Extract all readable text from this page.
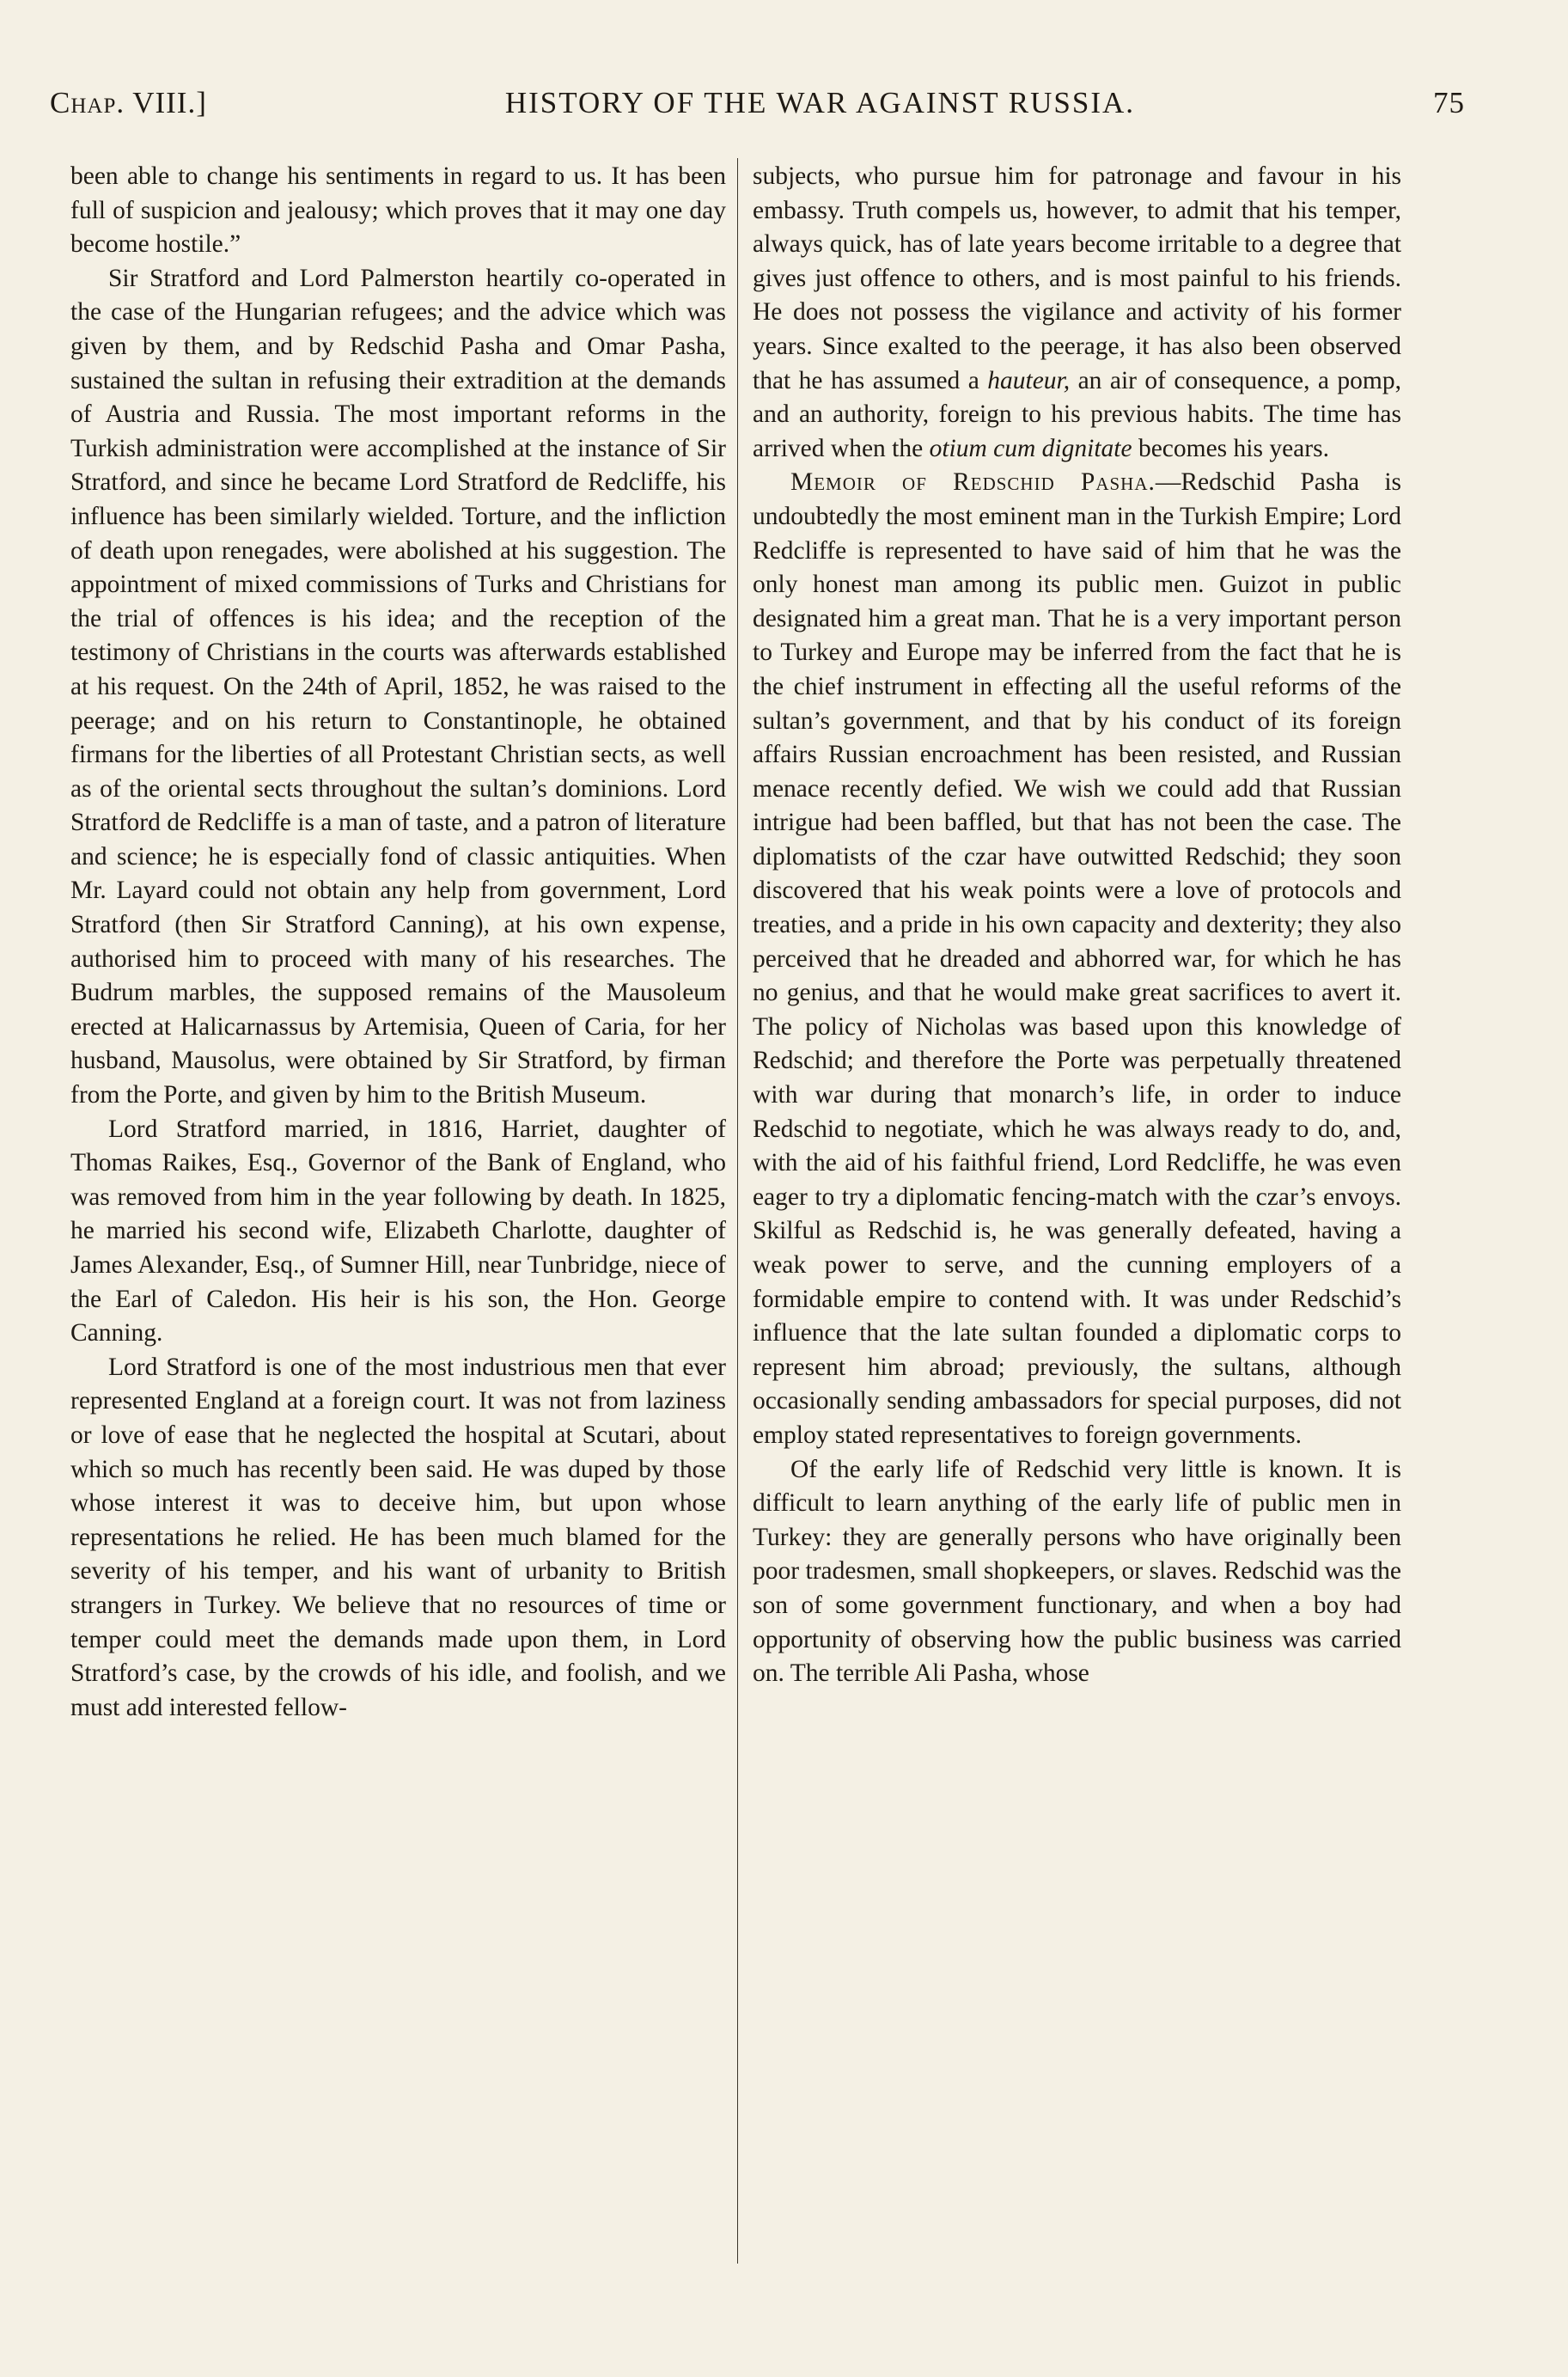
Chap. VIII.]	HISTORY OF THE WAR AGAINST RUSSIA.	75

been able to change his sentiments in regard to us. It has been full of suspicion and jealousy; which proves that it may one day become hostile.”

Sir Stratford and Lord Palmerston heartily co-operated in the case of the Hungarian refugees; and the advice which was given by them, and by Redschid Pasha and Omar Pasha, sustained the sultan in refusing their extradition at the demands of Austria and Russia. The most important reforms in the Turkish administration were accomplished at the instance of Sir Stratford, and since he became Lord Stratford de Redcliffe, his influence has been similarly wielded. Torture, and the infliction of death upon renegades, were abolished at his suggestion. The appointment of mixed commissions of Turks and Christians for the trial of offences is his idea; and the reception of the testimony of Christians in the courts was afterwards established at his request. On the 24th of April, 1852, he was raised to the peerage; and on his return to Constantinople, he obtained firmans for the liberties of all Protestant Christian sects, as well as of the oriental sects throughout the sultan’s dominions. Lord Stratford de Redcliffe is a man of taste, and a patron of literature and science; he is especially fond of classic antiquities. When Mr. Layard could not obtain any help from government, Lord Stratford (then Sir Stratford Canning), at his own expense, authorised him to proceed with many of his researches. The Budrum marbles, the supposed remains of the Mausoleum erected at Halicarnassus by Artemisia, Queen of Caria, for her husband, Mausolus, were obtained by Sir Stratford, by firman from the Porte, and given by him to the British Museum.

Lord Stratford married, in 1816, Harriet, daughter of Thomas Raikes, Esq., Governor of the Bank of England, who was removed from him in the year following by death. In 1825, he married his second wife, Elizabeth Charlotte, daughter of James Alexander, Esq., of Sumner Hill, near Tunbridge, niece of the Earl of Caledon. His heir is his son, the Hon. George Canning.

Lord Stratford is one of the most industrious men that ever represented England at a foreign court. It was not from laziness or love of ease that he neglected the hospital at Scutari, about which so much has recently been said. He was duped by those whose interest it was to deceive him, but upon whose representations he relied. He has been much blamed for the severity of his temper, and his want of urbanity to British strangers in Turkey. We believe that no resources of time or temper could meet the demands made upon them, in Lord Stratford’s case, by the crowds of his idle, and foolish, and we must add interested fellow-

subjects, who pursue him for patronage and favour in his embassy. Truth compels us, however, to admit that his temper, always quick, has of late years become irritable to a degree that gives just offence to others, and is most painful to his friends. He does not possess the vigilance and activity of his former years. Since exalted to the peerage, it has also been observed that he has assumed a hauteur, an air of consequence, a pomp, and an authority, foreign to his previous habits. The time has arrived when the otium cum dignitate becomes his years.

Memoir of Redschid Pasha.—Redschid Pasha is undoubtedly the most eminent man in the Turkish Empire; Lord Redcliffe is represented to have said of him that he was the only honest man among its public men. Guizot in public designated him a great man. That he is a very important person to Turkey and Europe may be inferred from the fact that he is the chief instrument in effecting all the useful reforms of the sultan’s government, and that by his conduct of its foreign affairs Russian encroachment has been resisted, and Russian menace recently defied. We wish we could add that Russian intrigue had been baffled, but that has not been the case. The diplomatists of the czar have outwitted Redschid; they soon discovered that his weak points were a love of protocols and treaties, and a pride in his own capacity and dexterity; they also perceived that he dreaded and abhorred war, for which he has no genius, and that he would make great sacrifices to avert it. The policy of Nicholas was based upon this knowledge of Redschid; and therefore the Porte was perpetually threatened with war during that monarch’s life, in order to induce Redschid to negotiate, which he was always ready to do, and, with the aid of his faithful friend, Lord Redcliffe, he was even eager to try a diplomatic fencing-match with the czar’s envoys. Skilful as Redschid is, he was generally defeated, having a weak power to serve, and the cunning employers of a formidable empire to contend with. It was under Redschid’s influence that the late sultan founded a diplomatic corps to represent him abroad; previously, the sultans, although occasionally sending ambassadors for special purposes, did not employ stated representatives to foreign governments.

Of the early life of Redschid very little is known. It is difficult to learn anything of the early life of public men in Turkey: they are generally persons who have originally been poor tradesmen, small shopkeepers, or slaves. Redschid was the son of some government functionary, and when a boy had opportunity of observing how the public business was carried on. The terrible Ali Pasha, whose
